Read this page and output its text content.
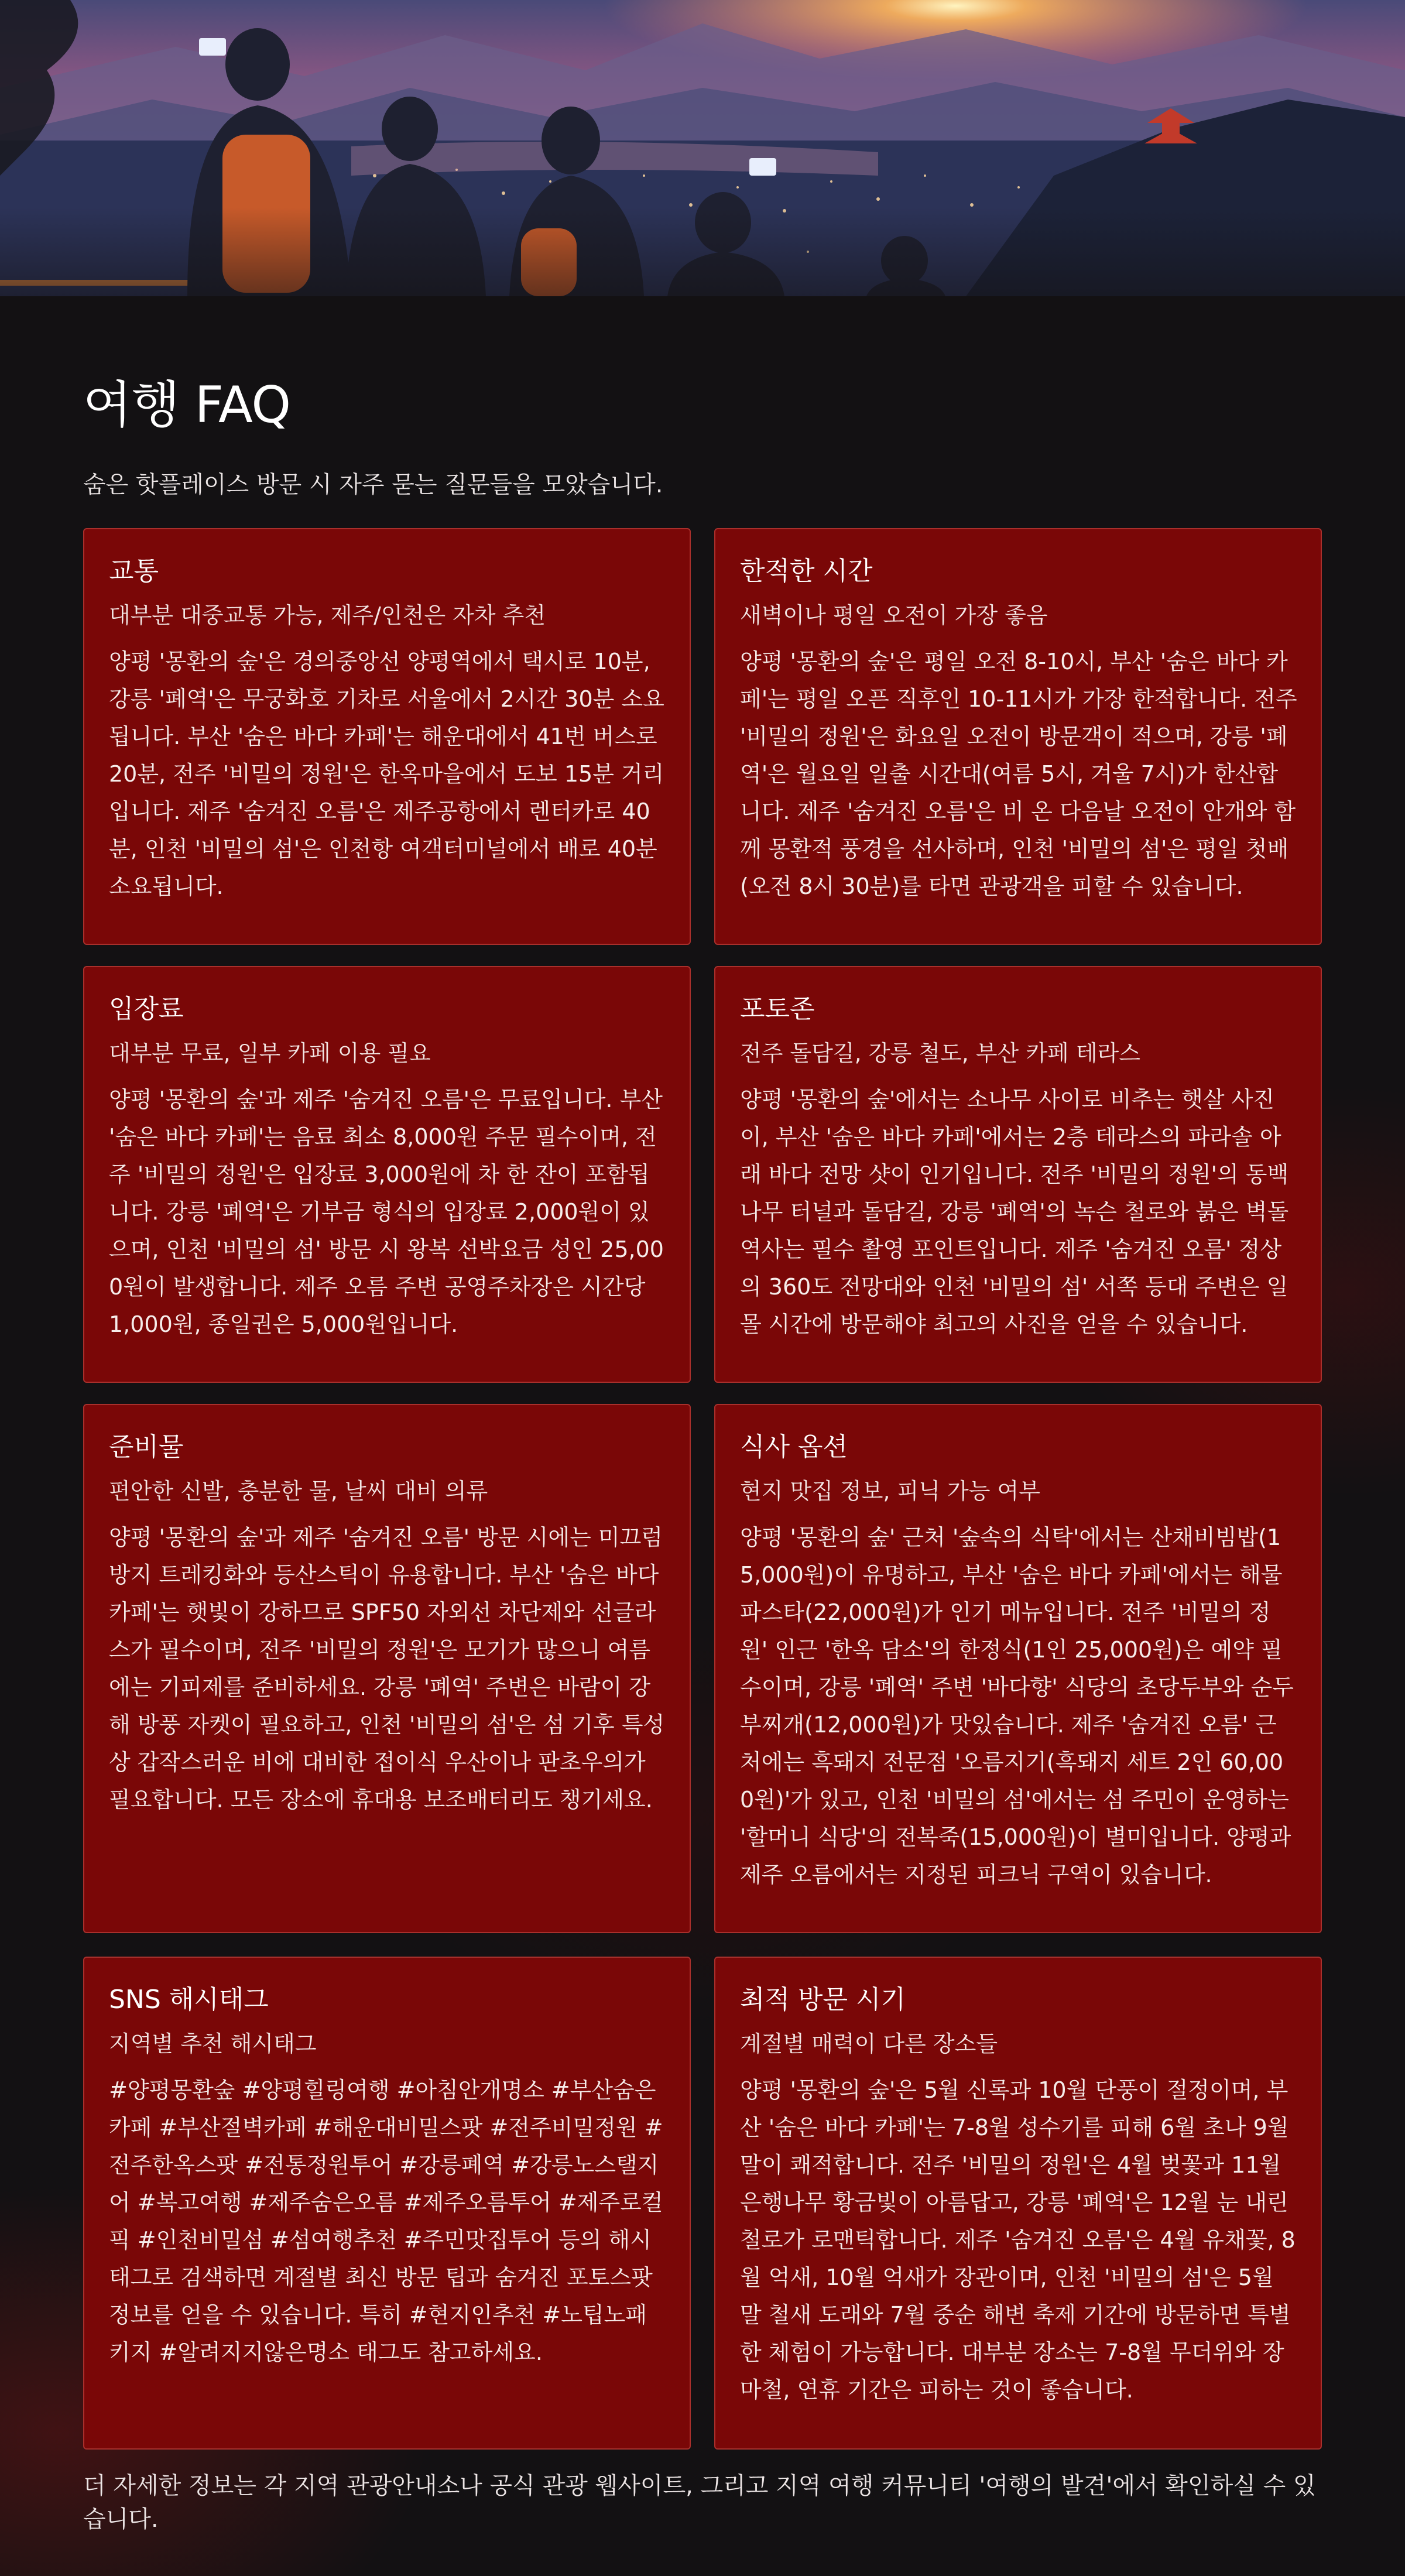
여행 FAQ

숨은 핫플레이스 방문 시 자주 묻는 질문들을 모았습니다.

교통

대부분 대중교통 가능, 제주/인천은 자차 추천

양평 '몽환의 숲'은 경의중앙선 양평역에서 택시로 10분, 강릉 '폐역'은 무궁화호 기차로 서울에서 2시간 30분 소요됩니다. 부산 '숨은 바다 카페'는 해운대에서 41번 버스로 20분, 전주 '비밀의 정원'은 한옥마을에서 도보 15분 거리입니다. 제주 '숨겨진 오름'은 제주공항에서 렌터카로 40분, 인천 '비밀의 섬'은 인천항 여객터미널에서 배로 40분 소요됩니다.

한적한 시간

새벽이나 평일 오전이 가장 좋음

양평 '몽환의 숲'은 평일 오전 8-10시, 부산 '숨은 바다 카페'는 평일 오픈 직후인 10-11시가 가장 한적합니다. 전주 '비밀의 정원'은 화요일 오전이 방문객이 적으며, 강릉 '폐역'은 월요일 일출 시간대(여름 5시, 겨울 7시)가 한산합니다. 제주 '숨겨진 오름'은 비 온 다음날 오전이 안개와 함께 몽환적 풍경을 선사하며, 인천 '비밀의 섬'은 평일 첫배(오전 8시 30분)를 타면 관광객을 피할 수 있습니다.

입장료

대부분 무료, 일부 카페 이용 필요

양평 '몽환의 숲'과 제주 '숨겨진 오름'은 무료입니다. 부산 '숨은 바다 카페'는 음료 최소 8,000원 주문 필수이며, 전주 '비밀의 정원'은 입장료 3,000원에 차 한 잔이 포함됩니다. 강릉 '폐역'은 기부금 형식의 입장료 2,000원이 있으며, 인천 '비밀의 섬' 방문 시 왕복 선박요금 성인 25,000원이 발생합니다. 제주 오름 주변 공영주차장은 시간당 1,000원, 종일권은 5,000원입니다.

포토존

전주 돌담길, 강릉 철도, 부산 카페 테라스

양평 '몽환의 숲'에서는 소나무 사이로 비추는 햇살 사진이, 부산 '숨은 바다 카페'에서는 2층 테라스의 파라솔 아래 바다 전망 샷이 인기입니다. 전주 '비밀의 정원'의 동백나무 터널과 돌담길, 강릉 '폐역'의 녹슨 철로와 붉은 벽돌 역사는 필수 촬영 포인트입니다. 제주 '숨겨진 오름' 정상의 360도 전망대와 인천 '비밀의 섬' 서쪽 등대 주변은 일몰 시간에 방문해야 최고의 사진을 얻을 수 있습니다.

준비물

편안한 신발, 충분한 물, 날씨 대비 의류

양평 '몽환의 숲'과 제주 '숨겨진 오름' 방문 시에는 미끄럼 방지 트레킹화와 등산스틱이 유용합니다. 부산 '숨은 바다 카페'는 햇빛이 강하므로 SPF50 자외선 차단제와 선글라스가 필수이며, 전주 '비밀의 정원'은 모기가 많으니 여름에는 기피제를 준비하세요. 강릉 '폐역' 주변은 바람이 강해 방풍 자켓이 필요하고, 인천 '비밀의 섬'은 섬 기후 특성상 갑작스러운 비에 대비한 접이식 우산이나 판초우의가 필요합니다. 모든 장소에 휴대용 보조배터리도 챙기세요.

식사 옵션

현지 맛집 정보, 피닉 가능 여부

양평 '몽환의 숲' 근처 '숲속의 식탁'에서는 산채비빔밥(15,000원)이 유명하고, 부산 '숨은 바다 카페'에서는 해물파스타(22,000원)가 인기 메뉴입니다. 전주 '비밀의 정원' 인근 '한옥 담소'의 한정식(1인 25,000원)은 예약 필수이며, 강릉 '폐역' 주변 '바다향' 식당의 초당두부와 순두부찌개(12,000원)가 맛있습니다. 제주 '숨겨진 오름' 근처에는 흑돼지 전문점 '오름지기(흑돼지 세트 2인 60,000원)'가 있고, 인천 '비밀의 섬'에서는 섬 주민이 운영하는 '할머니 식당'의 전복죽(15,000원)이 별미입니다. 양평과 제주 오름에서는 지정된 피크닉 구역이 있습니다.

SNS 해시태그

지역별 추천 해시태그

#양평몽환숲 #양평힐링여행 #아침안개명소 #부산숨은카페 #부산절벽카페 #해운대비밀스팟 #전주비밀정원 #전주한옥스팟 #전통정원투어 #강릉폐역 #강릉노스탤지어 #복고여행 #제주숨은오름 #제주오름투어 #제주로컬픽 #인천비밀섬 #섬여행추천 #주민맛집투어 등의 해시태그로 검색하면 계절별 최신 방문 팁과 숨겨진 포토스팟 정보를 얻을 수 있습니다. 특히 #현지인추천 #노팁노패키지 #알려지지않은명소 태그도 참고하세요.

최적 방문 시기

계절별 매력이 다른 장소들

양평 '몽환의 숲'은 5월 신록과 10월 단풍이 절정이며, 부산 '숨은 바다 카페'는 7-8월 성수기를 피해 6월 초나 9월 말이 쾌적합니다. 전주 '비밀의 정원'은 4월 벚꽃과 11월 은행나무 황금빛이 아름답고, 강릉 '폐역'은 12월 눈 내린 철로가 로맨틱합니다. 제주 '숨겨진 오름'은 4월 유채꽃, 8월 억새, 10월 억새가 장관이며, 인천 '비밀의 섬'은 5월 말 철새 도래와 7월 중순 해변 축제 기간에 방문하면 특별한 체험이 가능합니다. 대부분 장소는 7-8월 무더위와 장마철, 연휴 기간은 피하는 것이 좋습니다.

더 자세한 정보는 각 지역 관광안내소나 공식 관광 웹사이트, 그리고 지역 여행 커뮤니티 '여행의 발견'에서 확인하실 수 있습니다.
